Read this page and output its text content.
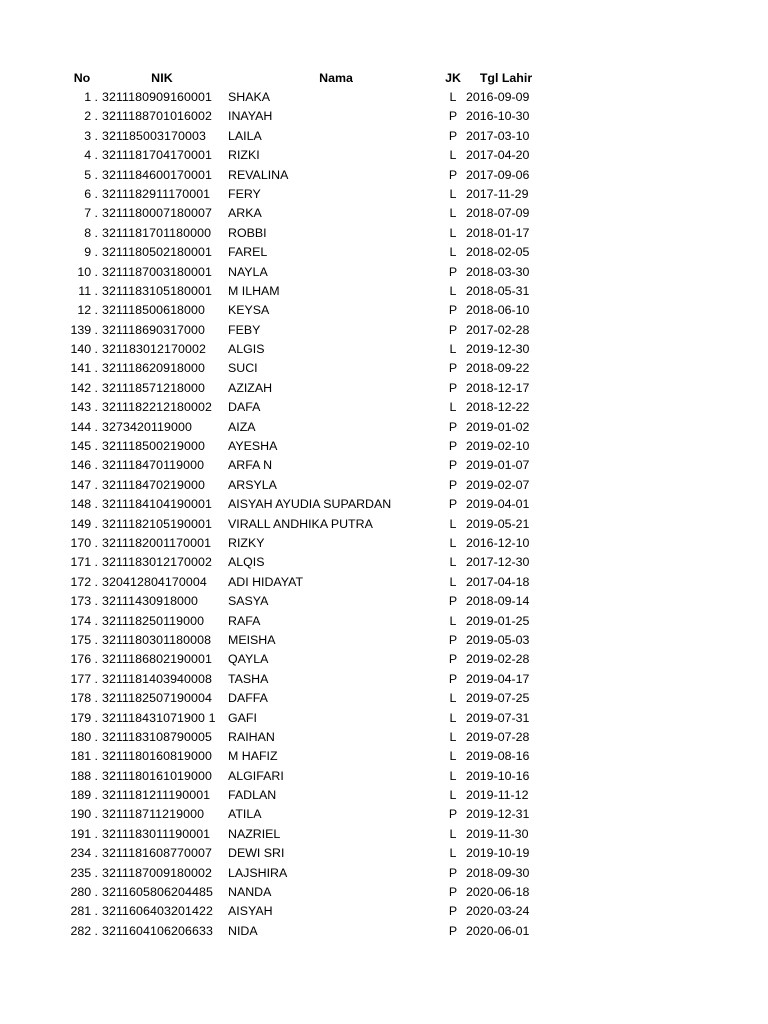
No	NIK	Nama	JK	Tgl Lahir
1 . 3211180909160001	SHAKA	L 2016-09-09
2 . 3211188701016002	INAYAH	P 2016-10-30
3 . 321185003170003	LAILA	P 2017-03-10
4 . 3211181704170001	RIZKI	L 2017-04-20
5 . 3211184600170001	REVALINA	P 2017-09-06
6 . 3211182911170001	FERY	L 2017-11-29
7 . 3211180007180007	ARKA	L 2018-07-09
8 . 3211181701180000	ROBBI	L 2018-01-17
9 . 3211180502180001	FAREL	L 2018-02-05
10 . 3211187003180001	NAYLA	P 2018-03-30
11 . 3211183105180001	M ILHAM	L 2018-05-31
12 . 321118500618000	KEYSA	P 2018-06-10
139 . 321118690317000	FEBY	P 2017-02-28
140 . 321183012170002	ALGIS	L 2019-12-30
141 . 321118620918000	SUCI	P 2018-09-22
142 . 321118571218000	AZIZAH	P 2018-12-17
143 . 3211182212180002	DAFA	L 2018-12-22
144 . 3273420119000	AIZA	P 2019-01-02
145 . 321118500219000	AYESHA	P 2019-02-10
146 . 321118470119000	ARFA N	P 2019-01-07
147 . 321118470219000	ARSYLA	P 2019-02-07
148 . 3211184104190001	AISYAH AYUDIA SUPARDAN	P 2019-04-01
149 . 3211182105190001	VIRALL ANDHIKA PUTRA	L 2019-05-21
170 . 3211182001170001	RIZKY	L 2016-12-10
171 . 3211183012170002	ALQIS	L 2017-12-30
172 . 320412804170004	ADI HIDAYAT	L 2017-04-18
173 . 32111430918000	SASYA	P 2018-09-14
174 . 321118250119000	RAFA	L 2019-01-25
175 . 3211180301180008	MEISHA	P 2019-05-03
176 . 3211186802190001	QAYLA	P 2019-02-28
177 . 3211181403940008	TASHA	P 2019-04-17
178 . 3211182507190004	DAFFA	L 2019-07-25
179 . 321118431071900 1	GAFI	L 2019-07-31
180 . 3211183108790005	RAIHAN	L 2019-07-28
181 . 3211180160819000	M HAFIZ	L 2019-08-16
188 . 3211180161019000	ALGIFARI	L 2019-10-16
189 . 3211181211190001	FADLAN	L 2019-11-12
190 . 321118711219000	ATILA	P 2019-12-31
191 . 3211183011190001	NAZRIEL	L 2019-11-30
234 . 3211181608770007	DEWI SRI	L 2019-10-19
235 . 3211187009180002	LAJSHIRA	P 2018-09-30
280 . 3211605806204485	NANDA	P 2020-06-18
281 . 3211606403201422	AISYAH	P 2020-03-24
282 . 3211604106206633	NIDA	P 2020-06-01
